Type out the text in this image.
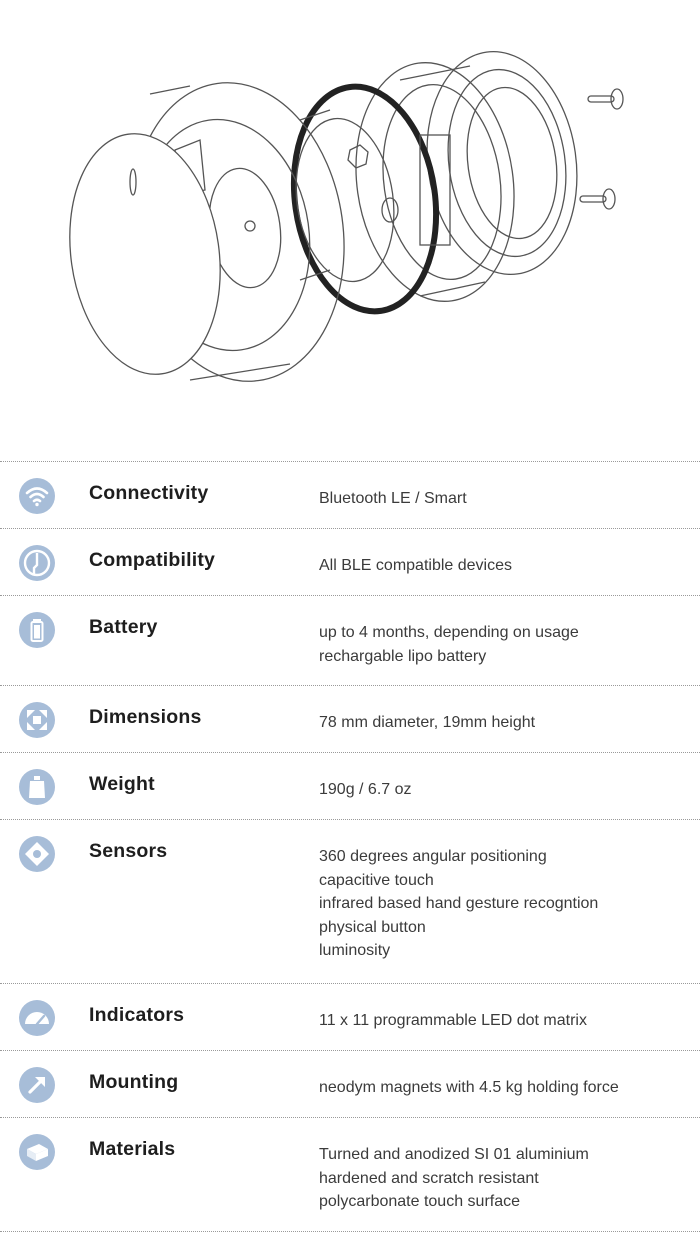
Connectivity	Bluetooth LE / Smart
Compatibility	All BLE compatible devices
Battery	up to 4 months, depending on usage
rechargable lipo battery
Dimensions	78 mm diameter, 19mm height
Weight	190g / 6.7 oz
Sensors	360 degrees angular positioning
capacitive touch
infrared based hand gesture recogntion
physical button
luminosity
Indicators	11 x 11 programmable LED dot matrix
Mounting	neodym magnets with 4.5 kg holding force
Materials	Turned and anodized SI 01 aluminium
hardened and scratch resistant
polycarbonate touch surface
